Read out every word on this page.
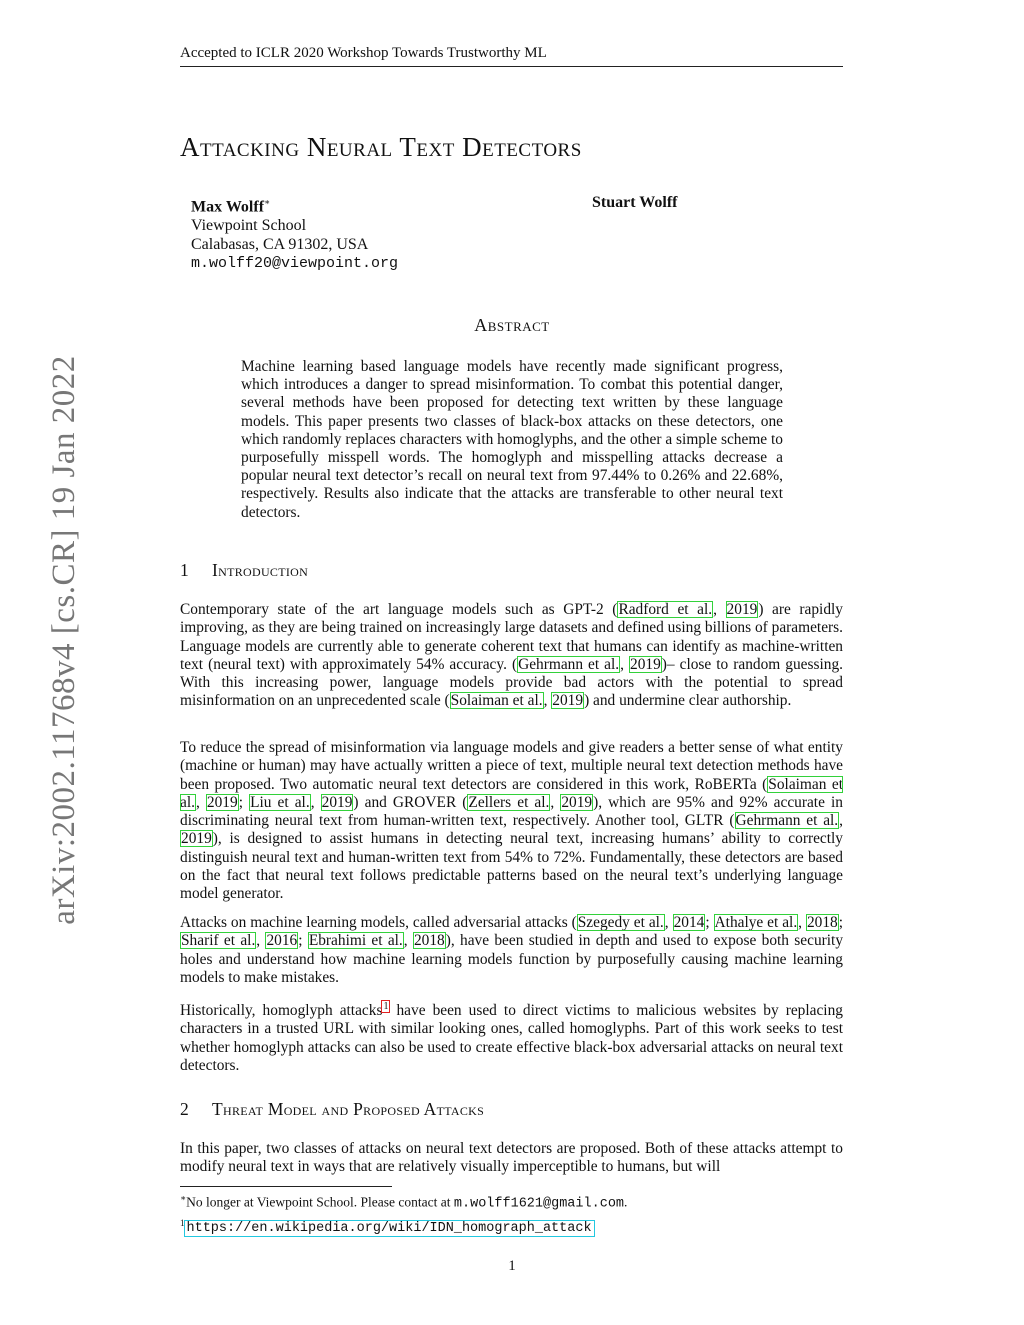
Accepted to ICLR 2020 Workshop Towards Trustworthy ML
arXiv:2002.11768v4 [cs.CR] 19 Jan 2022
Attacking Neural Text Detectors
Max Wolff∗
Viewpoint School
Calabasas, CA 91302, USA
m.wolff20@viewpoint.org
Stuart Wolff
Abstract
Machine learning based language models have recently made significant progress, which introduces a danger to spread misinformation. To combat this potential danger, several methods have been proposed for detecting text written by these language models. This paper presents two classes of black-box attacks on these detectors, one which randomly replaces characters with homoglyphs, and the other a simple scheme to purposefully misspell words. The homoglyph and misspelling attacks decrease a popular neural text detector’s recall on neural text from 97.44% to 0.26% and 22.68%, respectively. Results also indicate that the attacks are transferable to other neural text detectors.
1 Introduction

Contemporary state of the art language models such as GPT-2 (Radford et al., 2019) are rapidly improving, as they are being trained on increasingly large datasets and defined using billions of parameters. Language models are currently able to generate coherent text that humans can identify as machine-written text (neural text) with approximately 54% accuracy. (Gehrmann et al., 2019)– close to random guessing. With this increasing power, language models provide bad actors with the potential to spread misinformation on an unprecedented scale (Solaiman et al., 2019) and undermine clear authorship.

To reduce the spread of misinformation via language models and give readers a better sense of what entity (machine or human) may have actually written a piece of text, multiple neural text detection methods have been proposed. Two automatic neural text detectors are considered in this work, RoBERTa (Solaiman et al., 2019; Liu et al., 2019) and GROVER (Zellers et al., 2019), which are 95% and 92% accurate in discriminating neural text from human-written text, respectively. Another tool, GLTR (Gehrmann et al., 2019), is designed to assist humans in detecting neural text, increasing humans’ ability to correctly distinguish neural text and human-written text from 54% to 72%. Fundamentally, these detectors are based on the fact that neural text follows predictable patterns based on the neural text’s underlying language model generator.

Attacks on machine learning models, called adversarial attacks (Szegedy et al., 2014; Athalye et al., 2018; Sharif et al., 2016; Ebrahimi et al., 2018), have been studied in depth and used to expose both security holes and understand how machine learning models function by purposefully causing machine learning models to make mistakes.

Historically, homoglyph attacks$^1$ have been used to direct victims to malicious websites by replacing characters in a trusted URL with similar looking ones, called homoglyphs. Part of this work seeks to test whether homoglyph attacks can also be used to create effective black-box adversarial attacks on neural text detectors.

2 Threat Model and Proposed Attacks

In this paper, two classes of attacks on neural text detectors are proposed. Both of these attacks attempt to modify neural text in ways that are relatively visually imperceptible to humans, but will

∗No longer at Viewpoint School. Please contact at m.wolff1621@gmail.com.
$^1$ https://en.wikipedia.org/wiki/IDN_homograph_attack
1
